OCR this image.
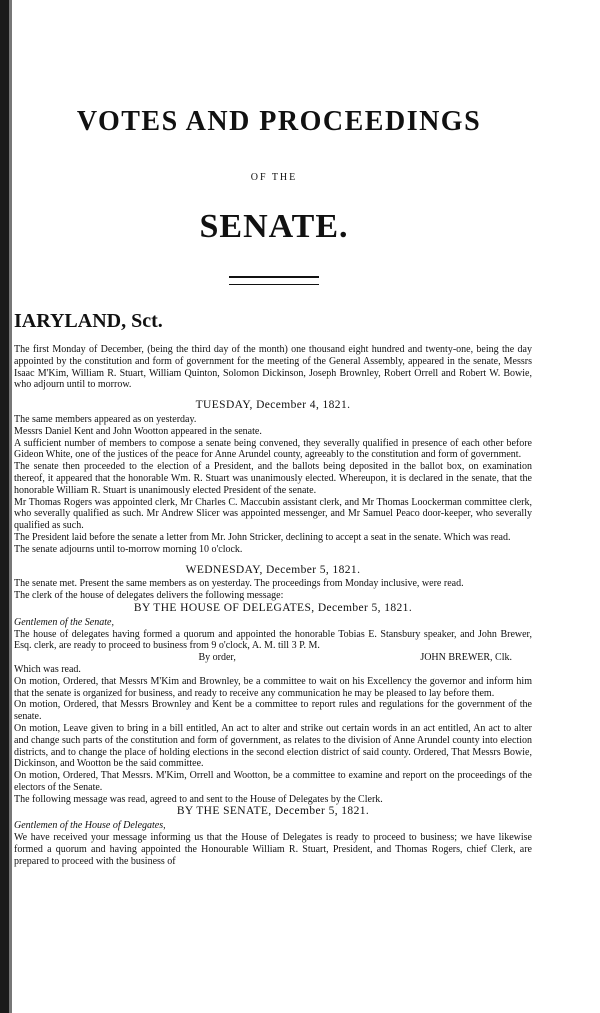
VOTES AND PROCEEDINGS
OF THE
SENATE.
IARYLAND, Sct.

The first Monday of December, (being the third day of the month) one thousand eight hundred and twenty-one, being the day appointed by the constitution and form of government for the meeting of the General Assembly, appeared in the senate, Messrs Isaac M'Kim, William R. Stuart, William Quinton, Solomon Dickinson, Joseph Brownley, Robert Orrell and Robert W. Bowie, who adjourn until to morrow.

TUESDAY, December 4, 1821.

The same members appeared as on yesterday.

Messrs Daniel Kent and John Wootton appeared in the senate.

A sufficient number of members to compose a senate being convened, they severally qualified in presence of each other before Gideon White, one of the justices of the peace for Anne Arundel county, agreeably to the constitution and form of government.

The senate then proceeded to the election of a President, and the ballots being deposited in the ballot box, on examination thereof, it appeared that the honorable Wm. R. Stuart was unanimously elected. Whereupon, it is declared in the senate, that the honorable William R. Stuart is unanimously elected President of the senate.

Mr Thomas Rogers was appointed clerk, Mr Charles C. Maccubin assistant clerk, and Mr Thomas Loockerman committee clerk, who severally qualified as such. Mr Andrew Slicer was appointed messenger, and Mr Samuel Peaco door-keeper, who severally qualified as such.

The President laid before the senate a letter from Mr. John Stricker, declining to accept a seat in the senate. Which was read.

The senate adjourns until to-morrow morning 10 o'clock.

WEDNESDAY, December 5, 1821.

The senate met. Present the same members as on yesterday. The proceedings from Monday inclusive, were read.

The clerk of the house of delegates delivers the following message:

BY THE HOUSE OF DELEGATES, December 5, 1821.

Gentlemen of the Senate,

The house of delegates having formed a quorum and appointed the honorable Tobias E. Stansbury speaker, and John Brewer, Esq. clerk, are ready to proceed to business from 9 o'clock, A. M. till 3 P. M.

By order,	JOHN BREWER, Clk.

Which was read.

On motion, Ordered, that Messrs M'Kim and Brownley, be a committee to wait on his Excellency the governor and inform him that the senate is organized for business, and ready to receive any communication he may be pleased to lay before them.

On motion, Ordered, that Messrs Brownley and Kent be a committee to report rules and regulations for the government of the senate.

On motion, Leave given to bring in a bill entitled, An act to alter and strike out certain words in an act entitled, An act to alter and change such parts of the constitution and form of government, as relates to the division of Anne Arundel county into election districts, and to change the place of holding elections in the second election district of said county. Ordered, That Messrs Bowie, Dickinson, and Wootton be the said committee.

On motion, Ordered, That Messrs. M'Kim, Orrell and Wootton, be a committee to examine and report on the proceedings of the electors of the Senate.

The following message was read, agreed to and sent to the House of Delegates by the Clerk.

BY THE SENATE, December 5, 1821.

Gentlemen of the House of Delegates,

We have received your message informing us that the House of Delegates is ready to proceed to business; we have likewise formed a quorum and having appointed the Honourable William R. Stuart, President, and Thomas Rogers, chief Clerk, are prepared to proceed with the business of
